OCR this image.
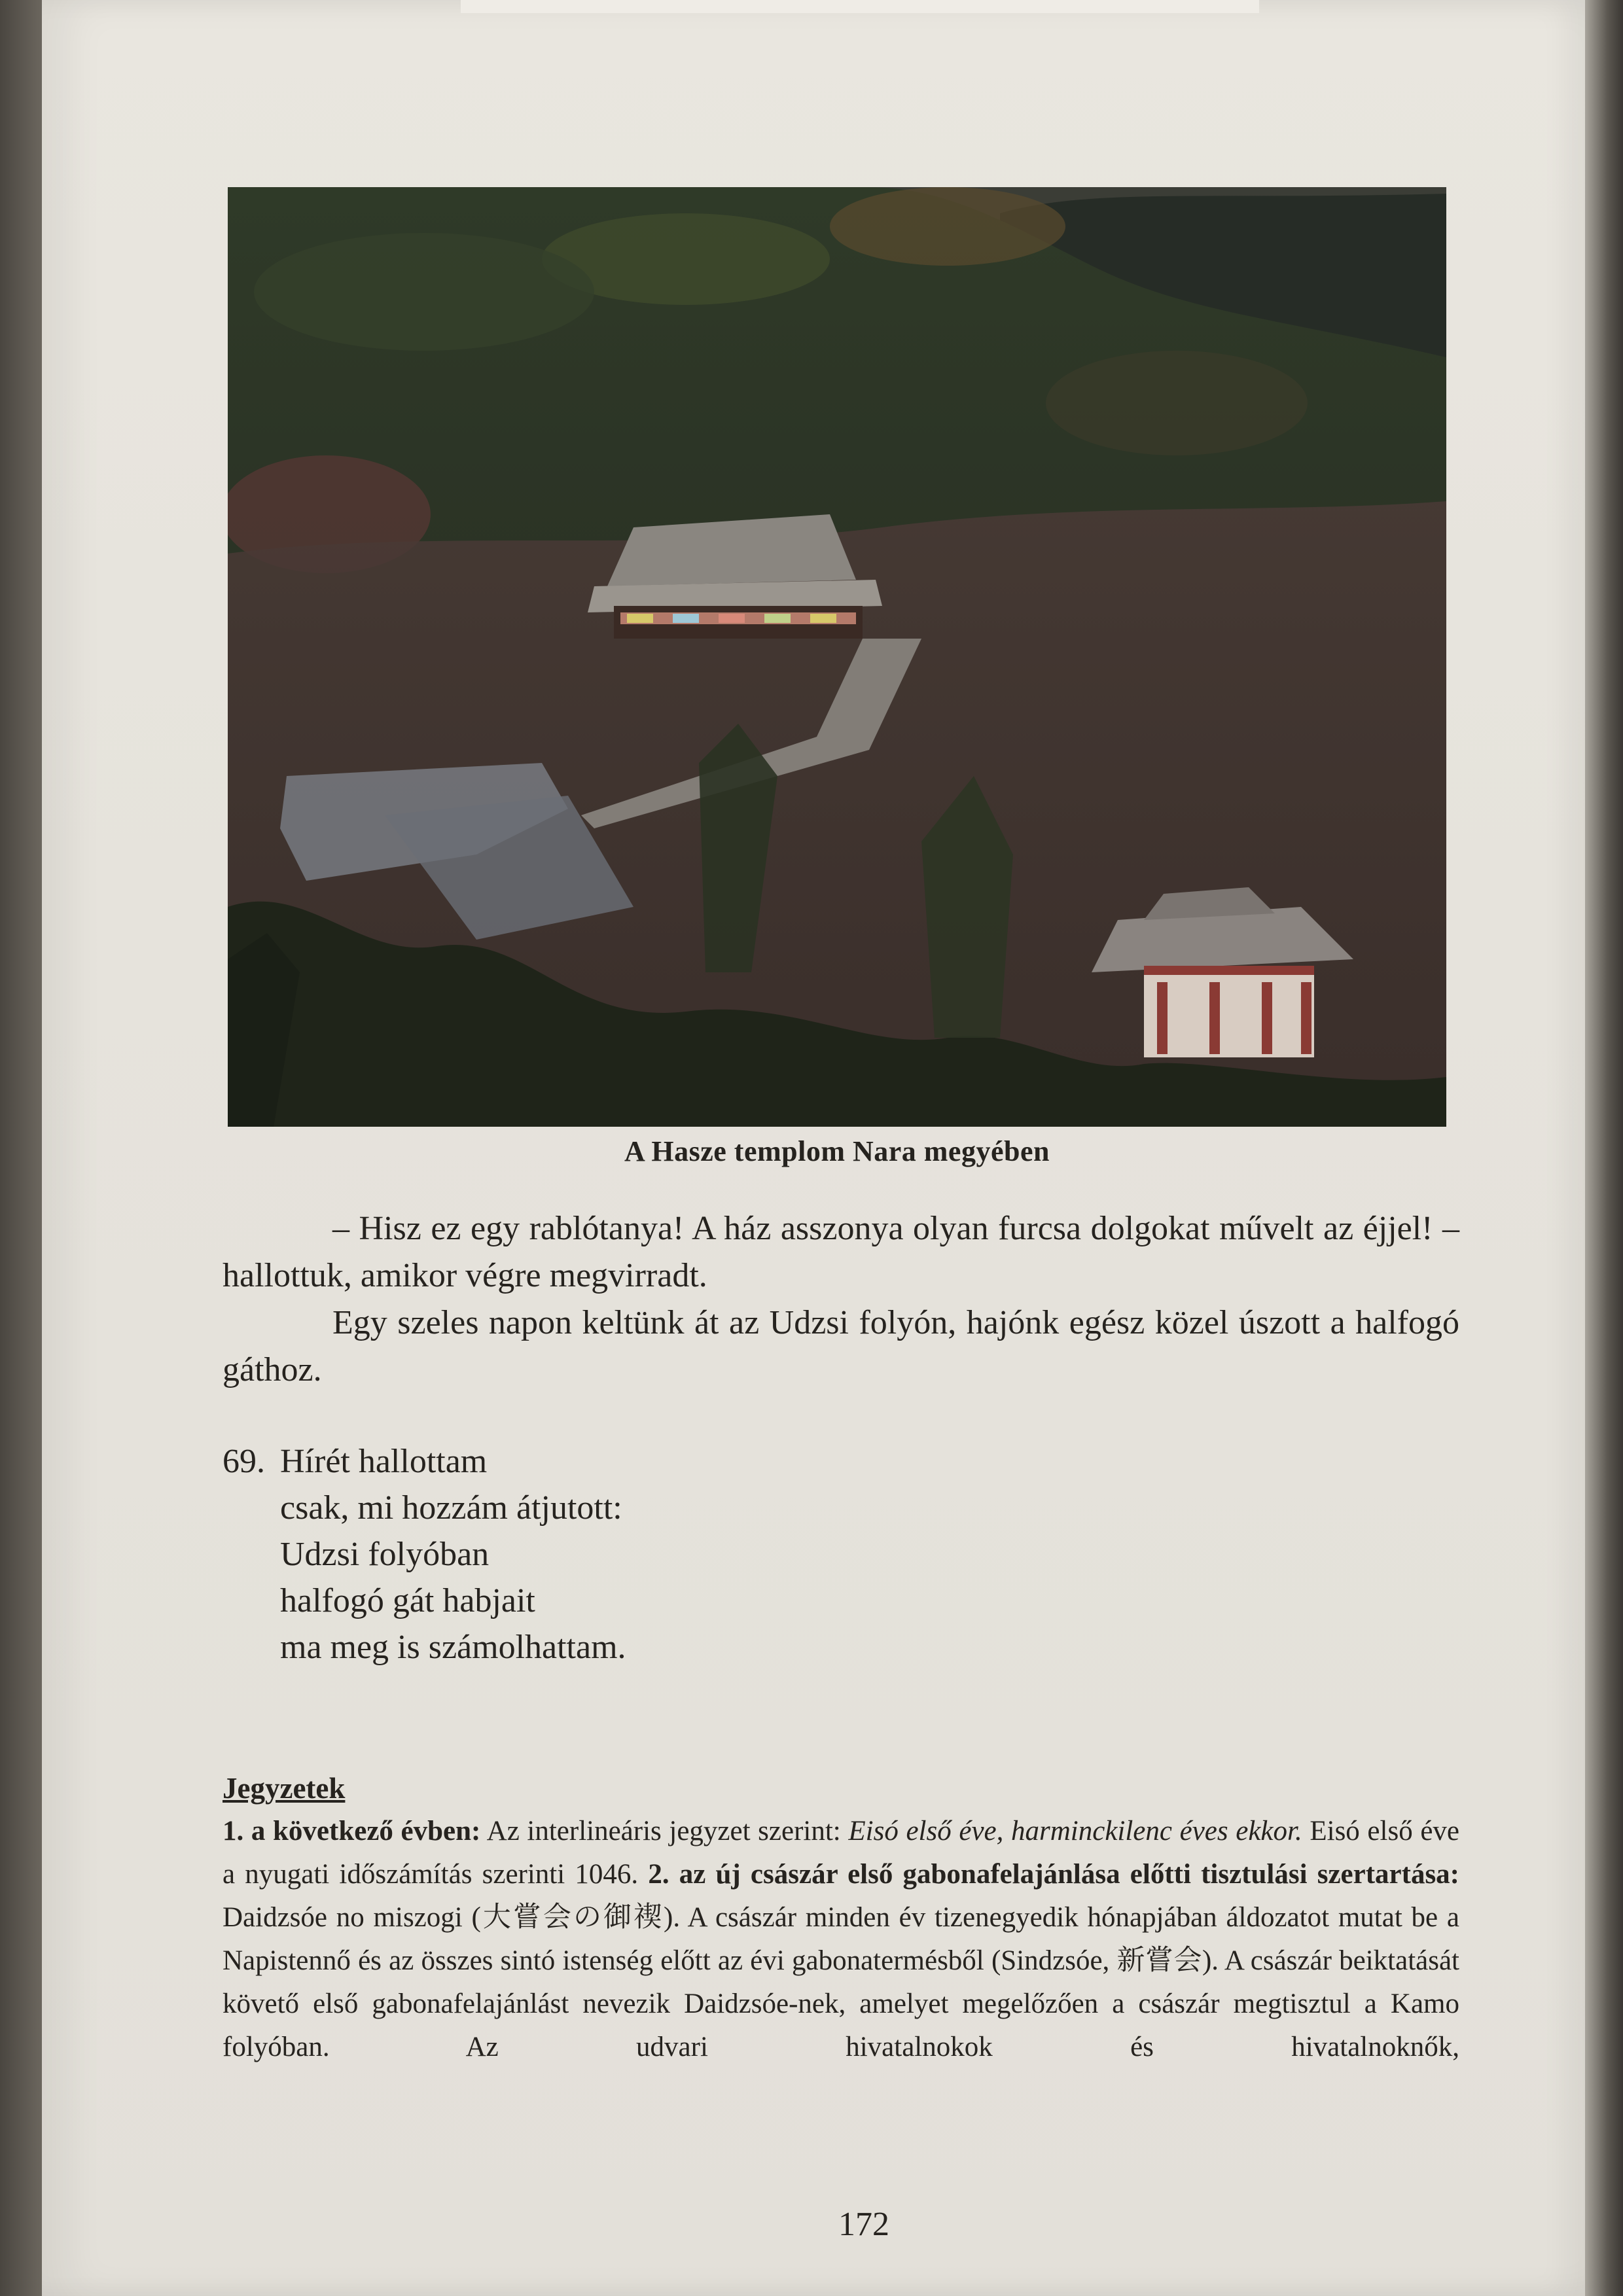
A Hasze templom Nara megyében

– Hisz ez egy rablótanya! A ház asszonya olyan furcsa dolgokat művelt az éjjel! – hallottuk, amikor végre megvirradt.

Egy szeles napon keltünk át az Udzsi folyón, hajónk egész közel úszott a halfogó gáthoz.

69. Hírét hallottam
csak, mi hozzám átjutott:
Udzsi folyóban
halfogó gát habjait
ma meg is számolhattam.
Jegyzetek
1. a következő évben: Az interlineáris jegyzet szerint: Eisó első éve, harminckilenc éves ekkor. Eisó első éve a nyugati időszámítás szerinti 1046. 2. az új császár első gabonafelajánlása előtti tisztulási szertartása: Daidzsóe no miszogi (大嘗会の御禊). A császár minden év tizenegyedik hónapjában áldozatot mutat be a Napistennő és az összes sintó istenség előtt az évi gabonatermésből (Sindzsóe, 新嘗会). A császár beiktatását követő első gabonafelajánlást nevezik Daidzsóe-nek, amelyet megelőzően a császár megtisztul a Kamo folyóban. Az udvari hivatalnokok és hivatalnoknők,
172
